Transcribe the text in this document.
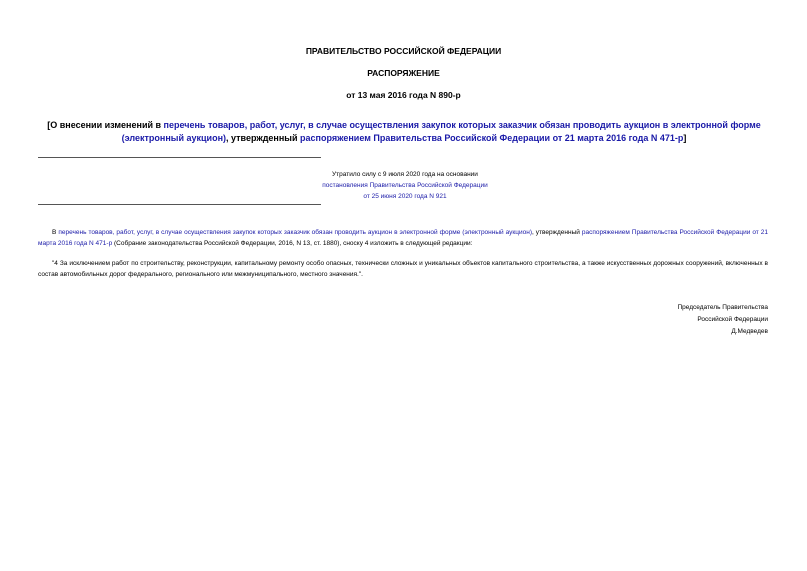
ПРАВИТЕЛЬСТВО РОССИЙСКОЙ ФЕДЕРАЦИИ
РАСПОРЯЖЕНИЕ
от 13 мая 2016 года N 890-р
[О внесении изменений в перечень товаров, работ, услуг, в случае осуществления закупок которых заказчик обязан проводить аукцион в электронной форме (электронный аукцион), утвержденный распоряжением Правительства Российской Федерации от 21 марта 2016 года N 471-р]
Утратило силу с 9 июля 2020 года на основании
постановления Правительства Российской Федерации
от 25 июня 2020 года N 921
В перечень товаров, работ, услуг, в случае осуществления закупок которых заказчик обязан проводить аукцион в электронной форме (электронный аукцион), утвержденный распоряжением Правительства Российской Федерации от 21 марта 2016 года N 471-р (Собрание законодательства Российской Федерации, 2016, N 13, ст. 1880), сноску 4 изложить в следующей редакции:
"4 За исключением работ по строительству, реконструкции, капитальному ремонту особо опасных, технически сложных и уникальных объектов капитального строительства, а также искусственных дорожных сооружений, включенных в состав автомобильных дорог федерального, регионального или межмуниципального, местного значения.".
Председатель Правительства
Российской Федерации
Д.Медведев
